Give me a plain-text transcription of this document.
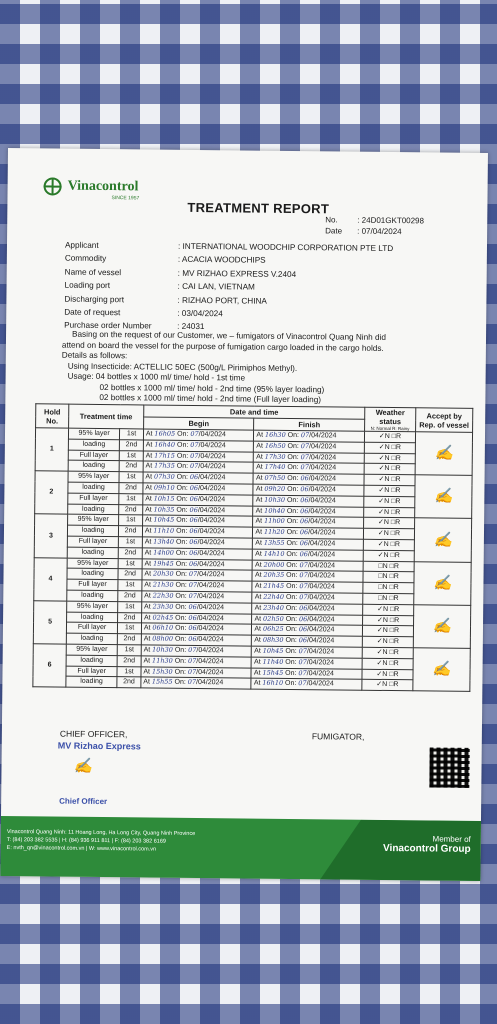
Vinacontrol
SINCE 1957
TREATMENT REPORT
No. : 24D01GKT00298
Date : 07/04/2024
Applicant	: INTERNATIONAL WOODCHIP CORPORATION PTE LTD
Commodity	: ACACIA WOODCHIPS
Name of vessel	: MV RIZHAO EXPRESS V.2404
Loading port	: CAI LAN, VIETNAM
Discharging port	: RIZHAO PORT, CHINA
Date of request	: 03/04/2024
Purchase order Number	: 24031
Basing on the request of our Customer, we – fumigators of Vinacontrol Quang Ninh did
attend on board the vessel for the purpose of fumigation cargo loaded in the cargo holds.
Details as follows:
Using Insecticide: ACTELLIC 50EC (500g/L Pirimiphos Methyl).
Usage: 04 bottles x 1000 ml/ time/ hold - 1st time
02 bottles x 1000 ml/ time/ hold - 2nd time (95% layer loading)
02 bottles x 1000 ml/ time/ hold - 2nd time (Full layer loading)
Hold No.	Treatment time		Date and time		Weather status
N: Normal R: Rainy	Accept by Rep. of vessel
			Begin	Finish		
1	95% layer	1st	At 16h05 On: 07/04/2024	At 16h30 On: 07/04/2024	✓N □R	✍
	loading	2nd	At 16h40 On: 07/04/2024	At 16h50 On: 07/04/2024	✓N □R	
	Full layer	1st	At 17h15 On: 07/04/2024	At 17h30 On: 07/04/2024	✓N □R	
	loading	2nd	At 17h35 On: 07/04/2024	At 17h40 On: 07/04/2024	✓N □R	
2	95% layer	1st	At 07h30 On: 06/04/2024	At 07h50 On: 06/04/2024	✓N □R	✍
	loading	2nd	At 09h10 On: 06/04/2024	At 09h20 On: 06/04/2024	✓N □R	
	Full layer	1st	At 10h15 On: 06/04/2024	At 10h30 On: 06/04/2024	✓N □R	
	loading	2nd	At 10h35 On: 06/04/2024	At 10h40 On: 06/04/2024	✓N □R	
3	95% layer	1st	At 10h45 On: 06/04/2024	At 11h00 On: 06/04/2024	✓N □R	✍
	loading	2nd	At 11h10 On: 06/04/2024	At 11h20 On: 06/04/2024	✓N □R	
	Full layer	1st	At 13h40 On: 06/04/2024	At 13h55 On: 06/04/2024	✓N □R	
	loading	2nd	At 14h00 On: 06/04/2024	At 14h10 On: 06/04/2024	✓N □R	
4	95% layer	1st	At 19h45 On: 06/04/2024	At 20h00 On: 07/04/2024	□N □R	✍
	loading	2nd	At 20h30 On: 07/04/2024	At 20h35 On: 07/04/2024	□N □R	
	Full layer	1st	At 21h30 On: 07/04/2024	At 21h45 On: 07/04/2024	□N □R	
	loading	2nd	At 22h30 On: 07/04/2024	At 22h40 On: 07/04/2024	□N □R	
5	95% layer	1st	At 23h30 On: 06/04/2024	At 23h40 On: 06/04/2024	✓N □R	✍
	loading	2nd	At 02h45 On: 06/04/2024	At 02h50 On: 06/04/2024	✓N □R	
	Full layer	1st	At 06h10 On: 06/04/2024	At 06h25 On: 06/04/2024	✓N □R	
	loading	2nd	At 08h00 On: 06/04/2024	At 08h30 On: 06/04/2024	✓N □R	
6	95% layer	1st	At 10h30 On: 07/04/2024	At 10h45 On: 07/04/2024	✓N □R	✍
	loading	2nd	At 11h30 On: 07/04/2024	At 11h40 On: 07/04/2024	✓N □R	
	Full layer	1st	At 15h30 On: 07/04/2024	At 15h45 On: 07/04/2024	✓N □R	
	loading	2nd	At 15h55 On: 07/04/2024	At 16h10 On: 07/04/2024	✓N □R	
CHIEF OFFICER,	FUMIGATOR,
MV Rizhao Express
✍
Chief Officer
Vinacontrol Quang Ninh: 11 Hoang Long, Ha Long City, Quang Ninh Province
T: (84) 203 382 5535 | H: (84) 936 911 811 | F: (84) 203 382 6169
E: nvth_qn@vinacontrol.com.vn | W: www.vinacontrol.com.vn
Member of
Vinacontrol Group
